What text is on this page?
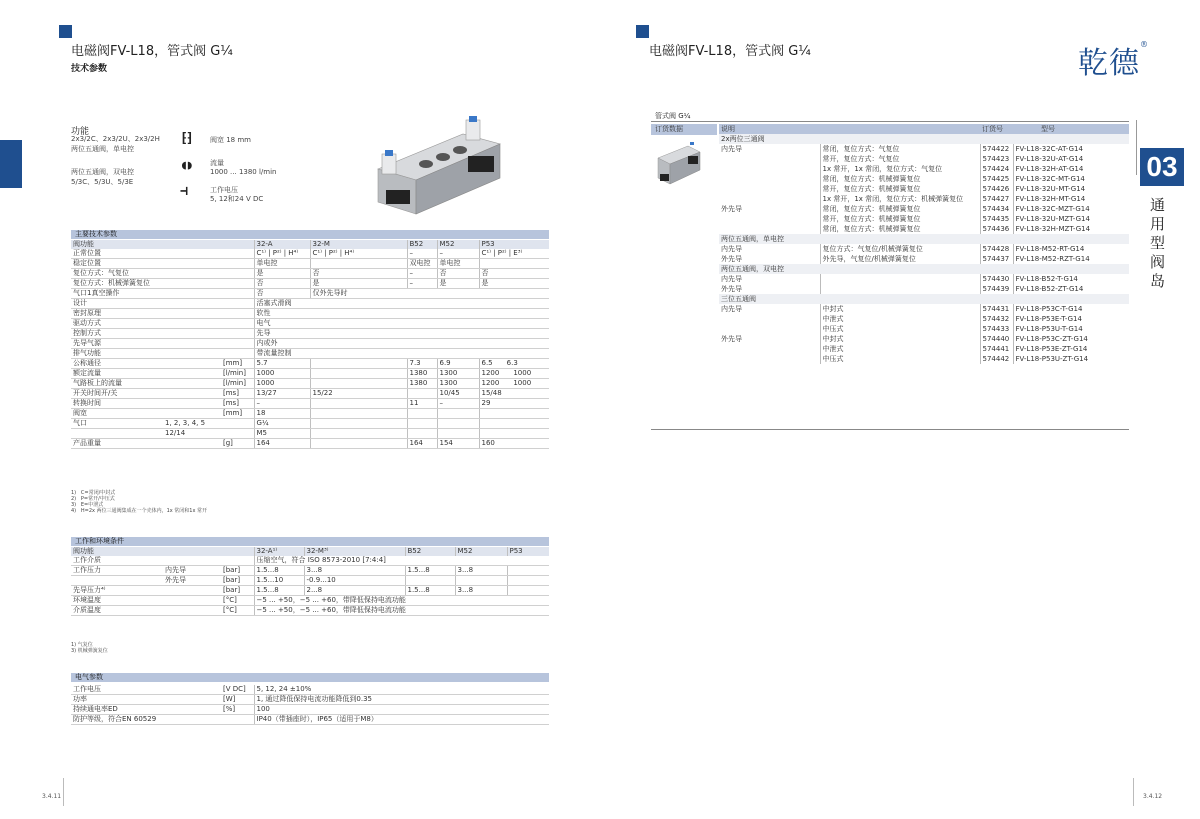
电磁阀FV-L18，管式阀 G¼
技术参数
功能
2x3/2C、2x3/2U、2x3/2H
两位五通阀，单电控
两位五通阀，双电控
5/3C、5/3U、5/3E
⁅⁆	阀宽 18 mm
◖◗	流量
1000 ... 1380 l/min
⊣	工作电压
5, 12和24 V DC
主要技术参数
阀功能			32-A	32-M	B52	M52	P53
正常位置			C¹⁾ | P²⁾ | H⁴⁾	C¹⁾ | P²⁾ | H⁴⁾	–	–	C¹⁾ | P²⁾ | E³⁾
稳定位置			单电控		双电控	单电控	
复位方式：气复位			是	否	–	否	否
复位方式：机械弹簧复位			否	是	–	是	是
气口1真空操作			否	仅外先导时			
设计			活塞式滑阀				
密封原理			软性				
驱动方式			电气				
控制方式			先导				
先导气源			内或外				
排气功能			带流量控制				
公称通径		[mm]	5.7		7.3	6.9	6.5 6.3
额定流量		[l/min]	1000		1380	1300	1200 1000
气路板上的流量		[l/min]	1000		1380	1300	1200 1000
开关时间开/关		[ms]	13/27	15/22		10/45	15/48
转换时间		[ms]	–		11	–	29
阀宽		[mm]	18				
气口	1, 2, 3, 4, 5		G¼				
	12/14		M5				
产品重量		[g]	164		164	154	160
1)   C=常闭/中封式
2)   P=常开/中压式
3)   E=中泄式
4)   H=2x 两位三通阀集成在一个壳体内，1x 常闭和1x 常开
工作和环境条件
阀功能			32-A¹⁾	32-M³⁾	B52	M52	P53
工作介质			压缩空气，符合 ISO 8573-2010 [7:4:4]				
工作压力	内先导	[bar]	1.5...8	3...8	1.5...8	3...8	
	外先导	[bar]	1.5...10	-0.9...10			
先导压力⁴⁾		[bar]	1.5...8	2...8	1.5...8	3...8	
环境温度		[°C]	−5 ... +50，−5 ... +60，带降低保持电流功能				
介质温度		[°C]	−5 ... +50，−5 ... +60，带降低保持电流功能				
1) 气复位
3) 机械弹簧复位
电气参数
工作电压	[V DC]	5, 12, 24 ±10%
功率	[W]	1, 通过降低保持电流功能降低到0.35
持续通电率ED	[%]	100
防护等级，符合EN 60529		IP40（带插座时），IP65（适用于M8）
3.4.11
电磁阀FV-L18，管式阀 G¼	乾德®
03
通
用
型
阀
岛
管式阀 G¼
订货数据	说明		订货号	型号
2x两位三通阀			
内先导	常闭，复位方式：气复位	574422	FV-L18-32C-AT-G14
	常开，复位方式：气复位	574423	FV-L18-32U-AT-G14
	1x 常开，1x 常闭，复位方式：气复位	574424	FV-L18-32H-AT-G14
	常闭，复位方式：机械弹簧复位	574425	FV-L18-32C-MT-G14
	常开，复位方式：机械弹簧复位	574426	FV-L18-32U-MT-G14
	1x 常开，1x 常闭，复位方式：机械弹簧复位	574427	FV-L18-32H-MT-G14
外先导	常闭，复位方式：机械弹簧复位	574434	FV-L18-32C-MZT-G14
	常开，复位方式：机械弹簧复位	574435	FV-L18-32U-MZT-G14
	常闭，复位方式：机械弹簧复位	574436	FV-L18-32H-MZT-G14
两位五通阀，单电控			
内先导	复位方式：气复位/机械弹簧复位	574428	FV-L18-M52-RT-G14
外先导	外先导，气复位/机械弹簧复位	574437	FV-L18-M52-RZT-G14
两位五通阀，双电控			
内先导		574430	FV-L18-B52-T-G14
外先导		574439	FV-L18-B52-ZT-G14
三位五通阀			
内先导	中封式	574431	FV-L18-P53C-T-G14
	中泄式	574432	FV-L18-P53E-T-G14
	中压式	574433	FV-L18-P53U-T-G14
外先导	中封式	574440	FV-L18-P53C-ZT-G14
	中泄式	574441	FV-L18-P53E-ZT-G14
	中压式	574442	FV-L18-P53U-ZT-G14
3.4.12
